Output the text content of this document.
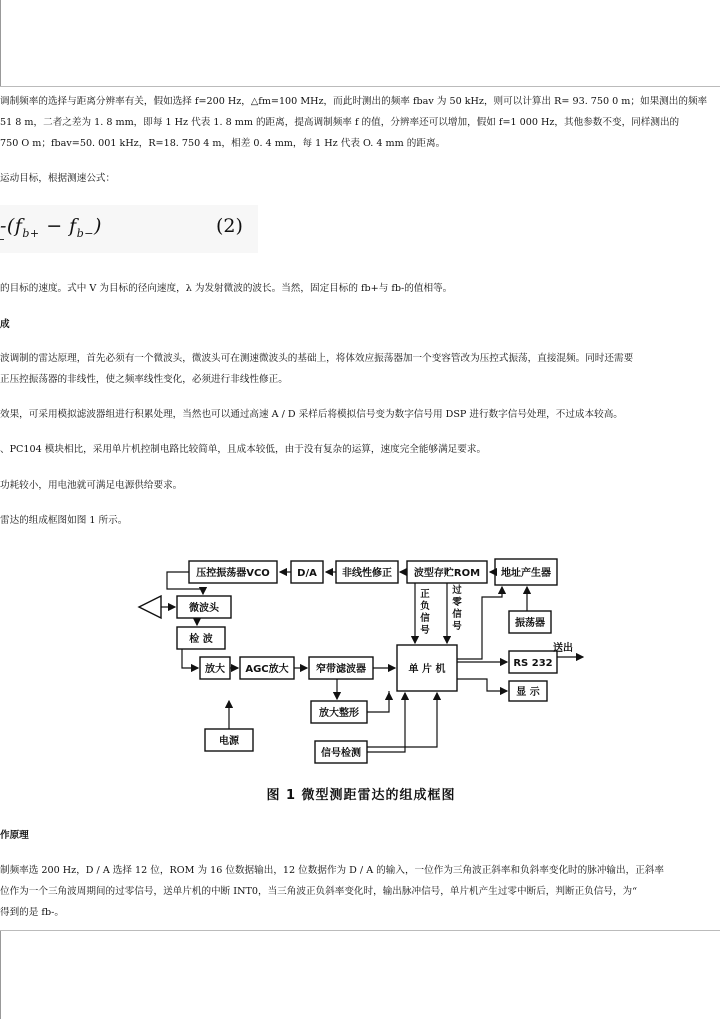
调制频率的选择与距离分辨率有关，假如选择 f=200 Hz，△fm=100 MHz，而此时测出的频率 fbav 为 50 kHz，则可以计算出 R= 93. 750 0 m；如果测出的频率
51 8 m，二者之差为 1. 8 mm，即每 1 Hz 代表 1. 8 mm 的距离，提高调制频率 f 的值，分辨率还可以增加，假如 f=1 000 Hz，其他参数不变，同样测出的
750 O m；fbav=50. 001 kHz，R=18. 750 4 m，相差 0. 4 mm，每 1 Hz 代表 O. 4 mm 的距离。
运动目标，根据测速公式：
$-(f_{b+} - f_{b-})$	(2)
的目标的速度。式中 V 为目标的径向速度，λ 为发射微波的波长。当然，固定目标的 fb+与 fb-的值相等。
成
波调制的雷达原理，首先必须有一个微波头，微波头可在测速微波头的基础上，将体效应振荡器加一个变容管改为压控式振荡，直接混频。同时还需要
正压控振荡器的非线性，使之频率线性变化，必须进行非线性修正。
效果，可采用模拟滤波器组进行积累处理，当然也可以通过高速 A / D 采样后将模拟信号变为数字信号用 DSP 进行数字信号处理，不过成本较高。
、PC104 模块相比，采用单片机控制电路比较简单，且成本较低，由于没有复杂的运算，速度完全能够满足要求。
功耗较小，用电池就可满足电源供给要求。
雷达的组成框图如图 1 所示。
压控振荡器VCO	D/A	非线性修正 波型存贮ROM 地址产生器
振荡器
微波头
检 波
放大 AGC放大	窄带滤波器	单 片 机
RS 232
显 示
放大整形
信号检测
电源
送出
正
负
信
号
过
零
信
号
图 1 微型测距雷达的组成框图
作原理
制频率选 200 Hz，D / A 选择 12 位，ROM 为 16 位数据输出，12 位数据作为 D / A 的输入，一位作为三角波正斜率和负斜率变化时的脉冲输出，正斜率
位作为一个三角波周期间的过零信号，送单片机的中断 INT0，当三角波正负斜率变化时，输出脉冲信号，单片机产生过零中断后，判断正负信号，为“
得到的是 fb-。
